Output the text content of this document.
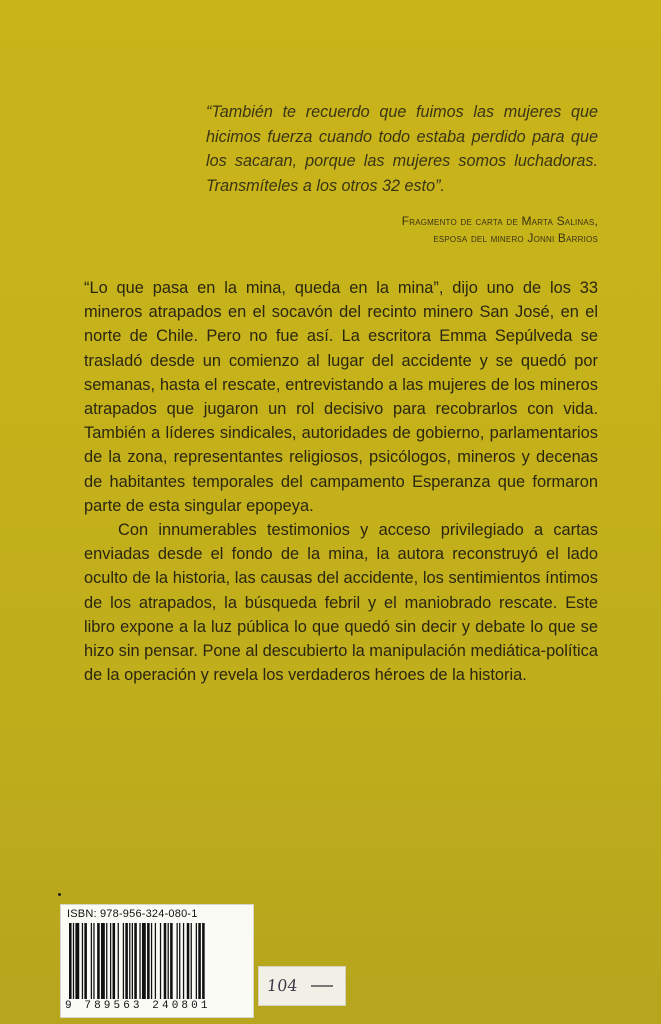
“También te recuerdo que fuimos las mujeres que hicimos fuerza cuando todo estaba perdido para que los sacaran, porque las mujeres somos luchadoras. Transmíteles a los otros 32 esto”.

Fragmento de carta de Marta Salinas,
esposa del minero Jonni Barrios

“Lo que pasa en la mina, queda en la mina”, dijo uno de los 33 mineros atrapados en el socavón del recinto minero San José, en el norte de Chile. Pero no fue así. La escritora Emma Sepúlveda se trasladó desde un comienzo al lugar del accidente y se quedó por semanas, hasta el rescate, entrevistando a las mujeres de los mineros atrapados que jugaron un rol decisivo para recobrarlos con vida. También a líderes sindicales, autoridades de gobierno, parlamentarios de la zona, representantes religiosos, psicólogos, mineros y decenas de habitantes temporales del campamento Esperanza que formaron parte de esta singular epopeya.

Con innumerables testimonios y acceso privilegiado a cartas enviadas desde el fondo de la mina, la autora reconstruyó el lado oculto de la historia, las causas del accidente, los sentimientos íntimos de los atrapados, la búsqueda febril y el maniobrado rescate. Este libro expone a la luz pública lo que quedó sin decir y debate lo que se hizo sin pensar. Pone al descubierto la manipulación mediática-política de la operación y revela los verdaderos héroes de la historia.

ISBN: 978-956-324-080-1
9 789563 240801
104
